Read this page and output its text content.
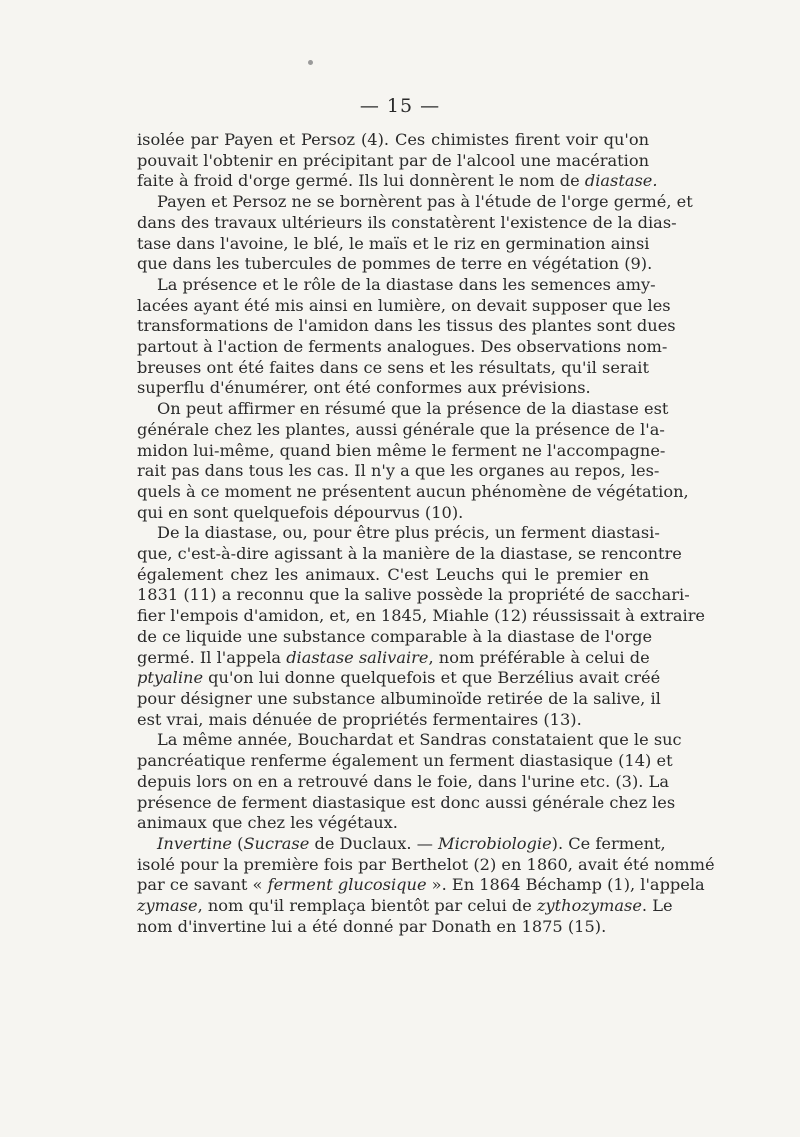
— 15 —
isolée par Payen et Persoz (4). Ces chimistes firent voir qu'on
pouvait l'obtenir en précipitant par de l'alcool une macération
faite à froid d'orge germé. Ils lui donnèrent le nom de diastase.
Payen et Persoz ne se bornèrent pas à l'étude de l'orge germé, et
dans des travaux ultérieurs ils constatèrent l'existence de la dias-
tase dans l'avoine, le blé, le maïs et le riz en germination ainsi
que dans les tubercules de pommes de terre en végétation (9).
La présence et le rôle de la diastase dans les semences amy-
lacées ayant été mis ainsi en lumière, on devait supposer que les
transformations de l'amidon dans les tissus des plantes sont dues
partout à l'action de ferments analogues. Des observations nom-
breuses ont été faites dans ce sens et les résultats, qu'il serait
superflu d'énumérer, ont été conformes aux prévisions.
On peut affirmer en résumé que la présence de la diastase est
générale chez les plantes, aussi générale que la présence de l'a-
midon lui-même, quand bien même le ferment ne l'accompagne-
rait pas dans tous les cas. Il n'y a que les organes au repos, les-
quels à ce moment ne présentent aucun phénomène de végétation,
qui en sont quelquefois dépourvus (10).
De la diastase, ou, pour être plus précis, un ferment diastasi-
que, c'est-à-dire agissant à la manière de la diastase, se rencontre
également chez les animaux. C'est Leuchs qui le premier en
1831 (11) a reconnu que la salive possède la propriété de sacchari-
fier l'empois d'amidon, et, en 1845, Miahle (12) réussissait à extraire
de ce liquide une substance comparable à la diastase de l'orge
germé. Il l'appela diastase salivaire, nom préférable à celui de
ptyaline qu'on lui donne quelquefois et que Berzélius avait créé
pour désigner une substance albuminoïde retirée de la salive, il
est vrai, mais dénuée de propriétés fermentaires (13).
La même année, Bouchardat et Sandras constataient que le suc
pancréatique renferme également un ferment diastasique (14) et
depuis lors on en a retrouvé dans le foie, dans l'urine etc. (3). La
présence de ferment diastasique est donc aussi générale chez les
animaux que chez les végétaux.
Invertine (Sucrase de Duclaux. — Microbiologie). Ce ferment,
isolé pour la première fois par Berthelot (2) en 1860, avait été nommé
par ce savant « ferment glucosique ». En 1864 Béchamp (1), l'appela
zymase, nom qu'il remplaça bientôt par celui de zythozymase. Le
nom d'invertine lui a été donné par Donath en 1875 (15).
